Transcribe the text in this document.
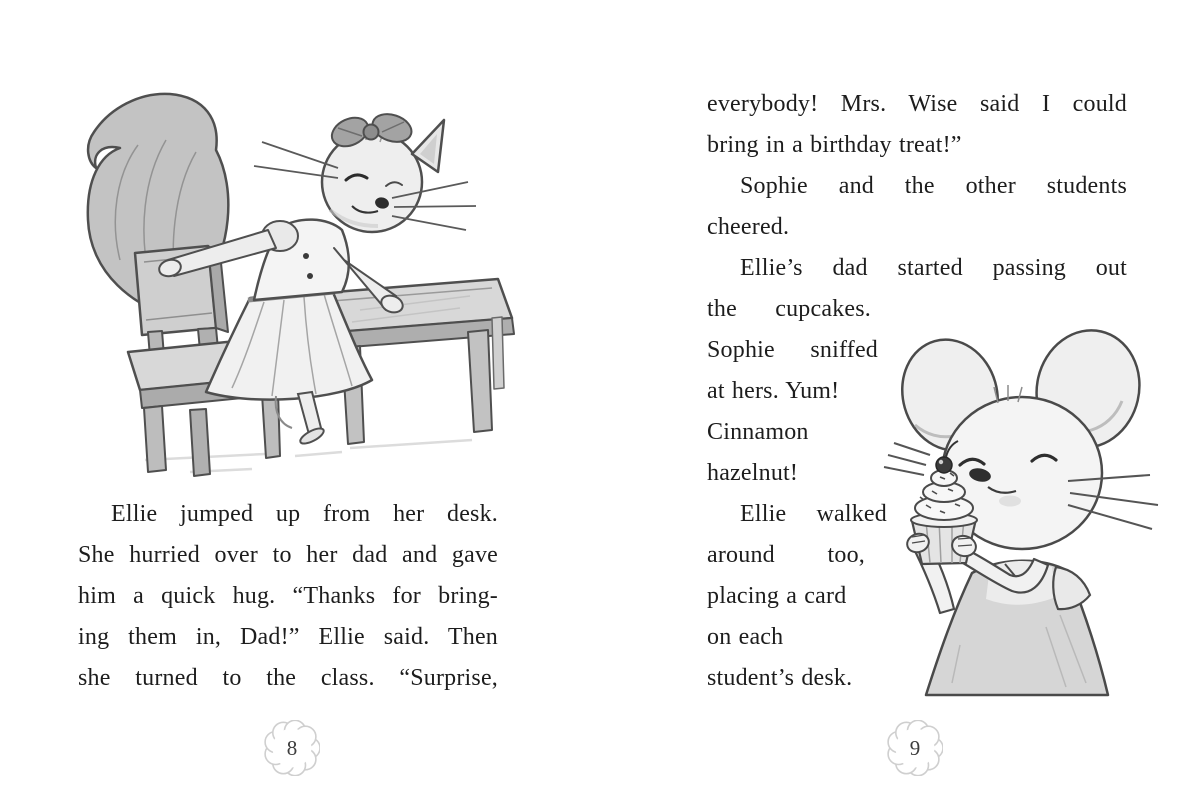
Ellie jumped up from her desk.
She hurried over to her dad and gave
him a quick hug. “Thanks for bring-
ing them in, Dad!” Ellie said. Then
she turned to the class. “Surprise,
8
everybody! Mrs. Wise said I could
bring in a birthday treat!”
Sophie and the other students
cheered.
Ellie’s dad started passing out
the cupcakes.
Sophie sniffed
at hers. Yum!
Cinnamon
hazelnut!
Ellie walked
around too,
placing a card
on each
student’s desk.
9
